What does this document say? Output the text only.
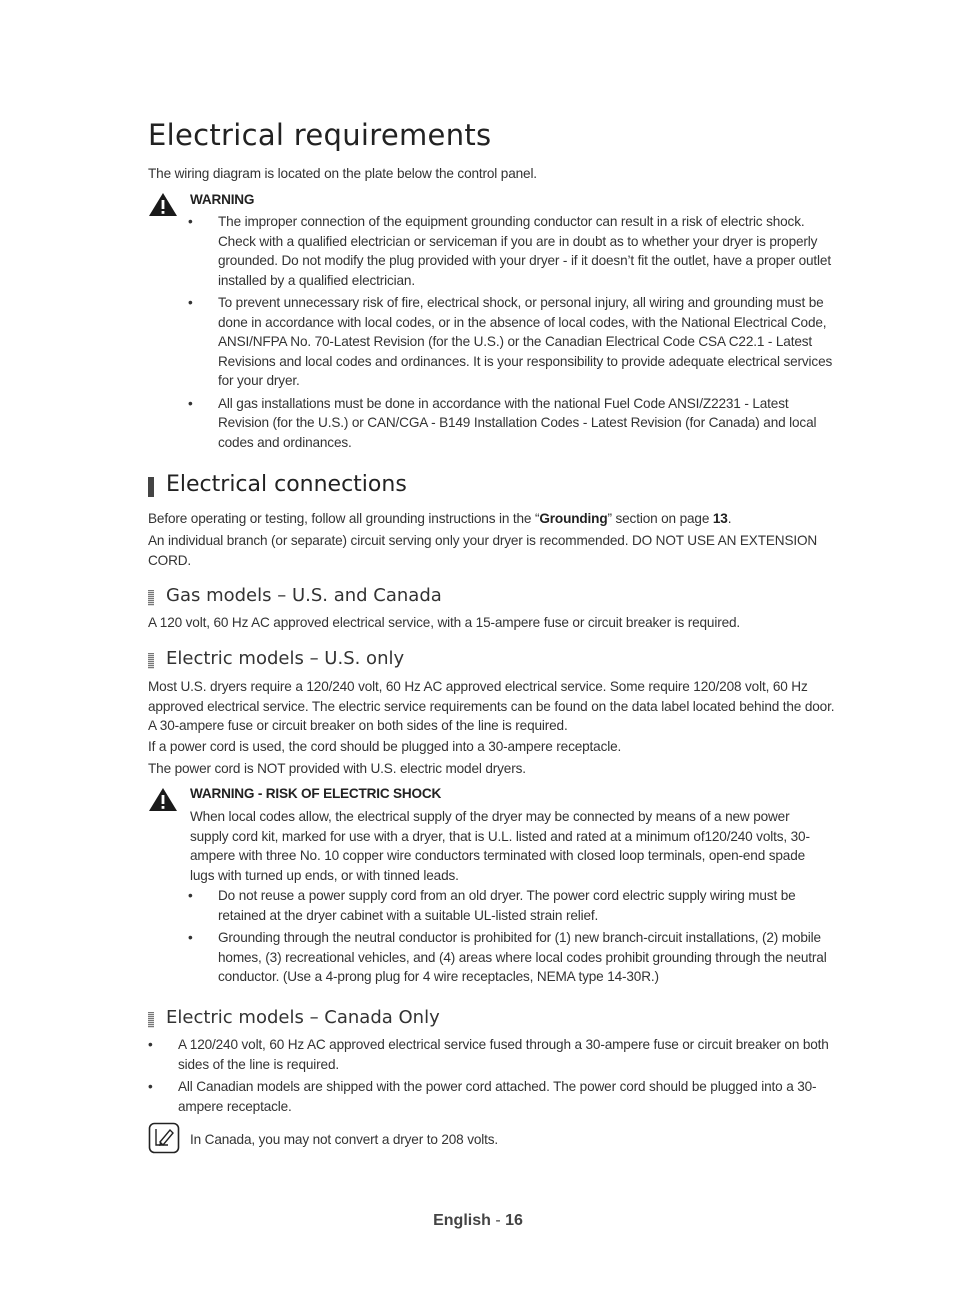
Electrical requirements

The wiring diagram is located on the plate below the control panel.

WARNING

• The improper connection of the equipment grounding conductor can result in a risk of electric shock. Check with a qualified electrician or serviceman if you are in doubt as to whether your dryer is properly grounded. Do not modify the plug provided with your dryer - if it doesn’t fit the outlet, have a proper outlet installed by a qualified electrician.
• To prevent unnecessary risk of fire, electrical shock, or personal injury, all wiring and grounding must be done in accordance with local codes, or in the absence of local codes, with the National Electrical Code, ANSI/NFPA No. 70-Latest Revision (for the U.S.) or the Canadian Electrical Code CSA C22.1 - Latest Revisions and local codes and ordinances. It is your responsibility to provide adequate electrical services for your dryer.
• All gas installations must be done in accordance with the national Fuel Code ANSI/Z2231 - Latest Revision (for the U.S.) or CAN/CGA - B149 Installation Codes - Latest Revision (for Canada) and local codes and ordinances.
Electrical connections

Before operating or testing, follow all grounding instructions in the “Grounding” section on page 13.

An individual branch (or separate) circuit serving only your dryer is recommended. DO NOT USE AN EXTENSION CORD.

Gas models – U.S. and Canada

A 120 volt, 60 Hz AC approved electrical service, with a 15-ampere fuse or circuit breaker is required.

Electric models – U.S. only

Most U.S. dryers require a 120/240 volt, 60 Hz AC approved electrical service. Some require 120/208 volt, 60 Hz approved electrical service. The electric service requirements can be found on the data label located behind the door. A 30-ampere fuse or circuit breaker on both sides of the line is required.

If a power cord is used, the cord should be plugged into a 30-ampere receptacle.

The power cord is NOT provided with U.S. electric model dryers.

WARNING - RISK OF ELECTRIC SHOCK

When local codes allow, the electrical supply of the dryer may be connected by means of a new power supply cord kit, marked for use with a dryer, that is U.L. listed and rated at a minimum of120/240 volts, 30-ampere with three No. 10 copper wire conductors terminated with closed loop terminals, open-end spade lugs with turned up ends, or with tinned leads.

• Do not reuse a power supply cord from an old dryer. The power cord electric supply wiring must be retained at the dryer cabinet with a suitable UL-listed strain relief.
• Grounding through the neutral conductor is prohibited for (1) new branch-circuit installations, (2) mobile homes, (3) recreational vehicles, and (4) areas where local codes prohibit grounding through the neutral conductor. (Use a 4-prong plug for 4 wire receptacles, NEMA type 14-30R.)
Electric models – Canada Only
• A 120/240 volt, 60 Hz AC approved electrical service fused through a 30-ampere fuse or circuit breaker on both sides of the line is required.
• All Canadian models are shipped with the power cord attached. The power cord should be plugged into a 30-ampere receptacle.

In Canada, you may not convert a dryer to 208 volts.

English - 16
